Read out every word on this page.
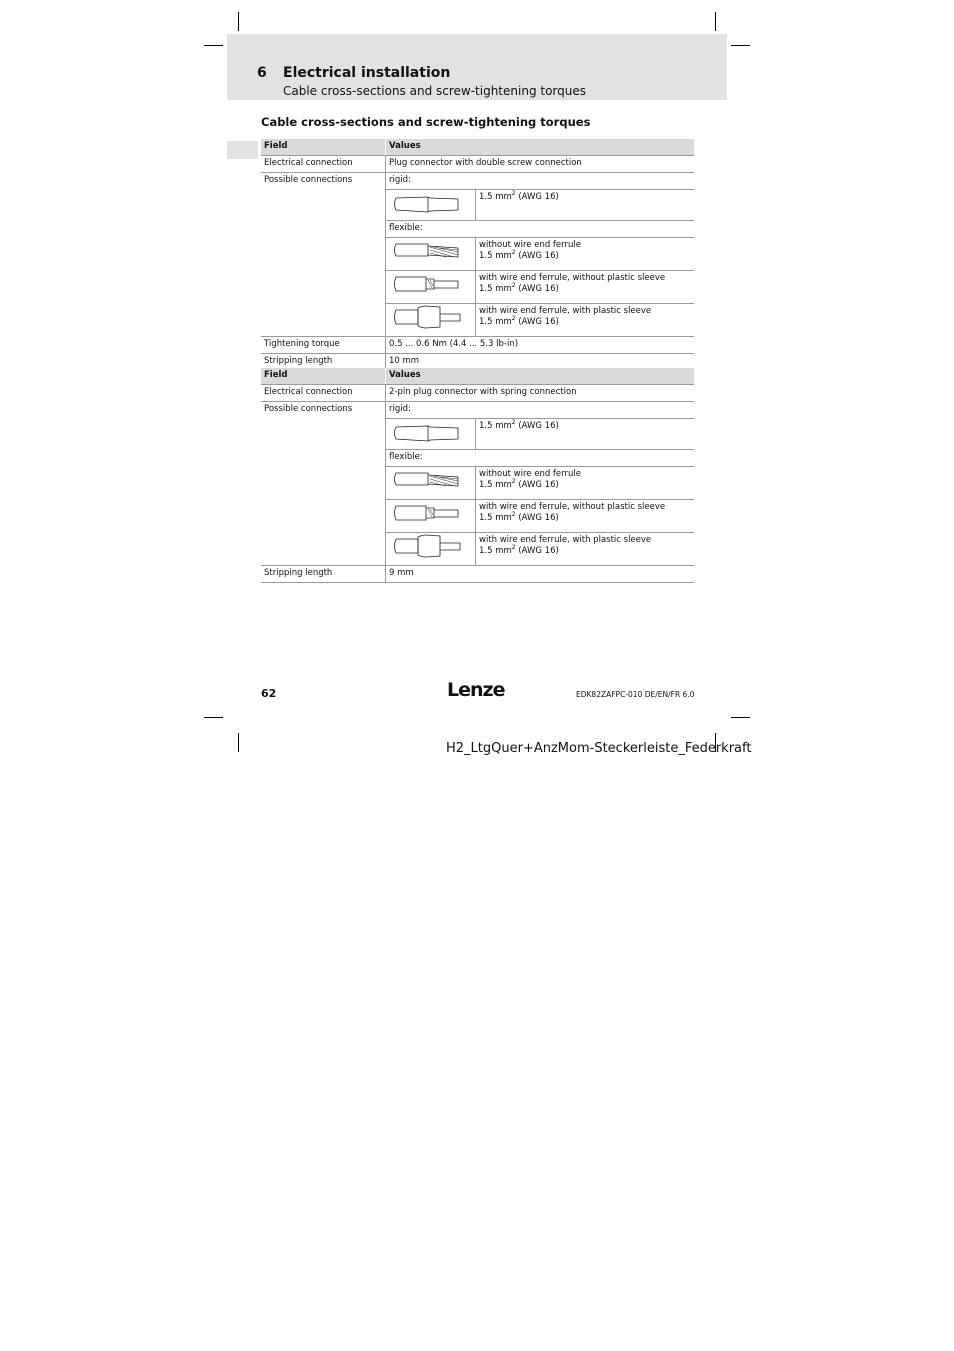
6 Electrical installation
Cable cross-sections and screw-tightening torques
Cable cross-sections and screw-tightening torques
Field	Values
Electrical connection	Plug connector with double screw connection
Possible connections	rigid:
	1.5 $mm^2$ (AWG 16)
flexible:

without wire end ferrule
1.5 $mm^2$ (AWG 16)

with wire end ferrule, without plastic sleeve
1.5 $mm^2$ (AWG 16)

with wire end ferrule, with plastic sleeve
1.5 $mm^2$ (AWG 16)

Tightening torque	0.5 ... 0.6 Nm (4.4 ... 5.3 lb-in)
Stripping length	10 mm
Field	Values
Electrical connection	2-pin plug connector with spring connection
Possible connections	rigid:
	1.5 $mm^2$ (AWG 16)
flexible:

without wire end ferrule
1.5 $mm^2$ (AWG 16)

with wire end ferrule, without plastic sleeve
1.5 $mm^2$ (AWG 16)

with wire end ferrule, with plastic sleeve
1.5 $mm^2$ (AWG 16)

Stripping length	9 mm
62	Lenze	EDK82ZAFPC-010 DE/EN/FR 6.0
H2_LtgQuer+AnzMom-Steckerleiste_Federkraft
